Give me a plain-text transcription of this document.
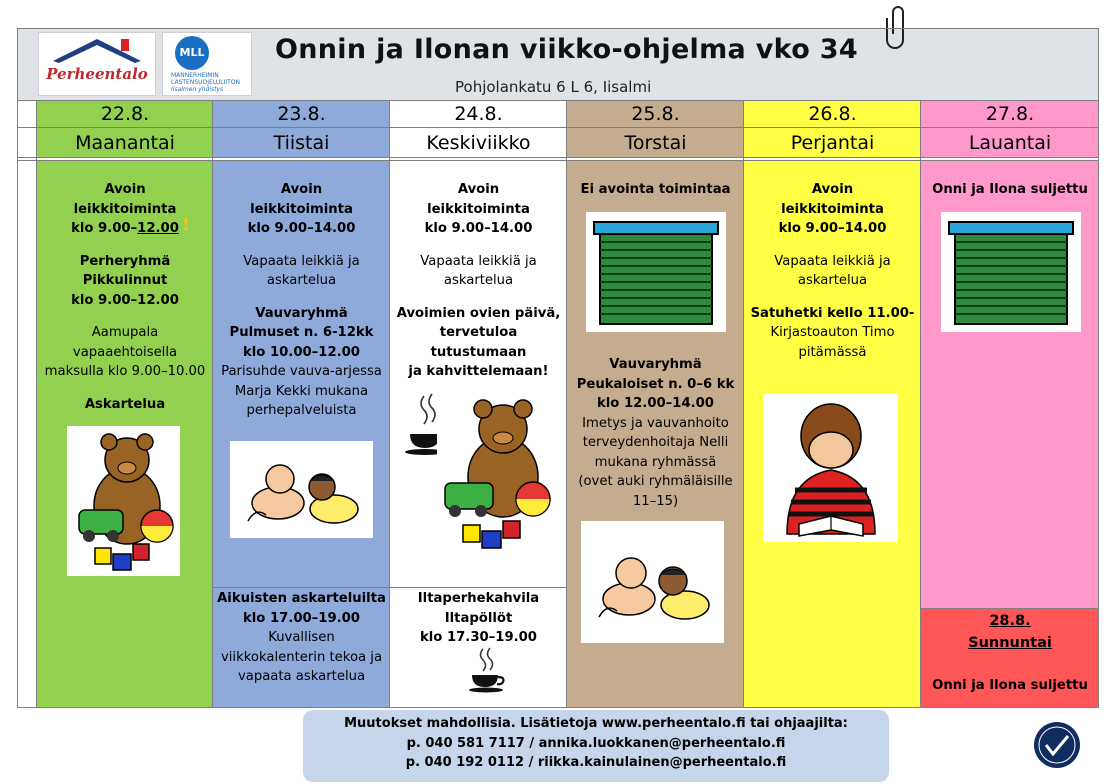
Perheentalo
MLL
MANNERHEIMIN
LASTENSUOJELULIITON
Iisalmen yhdistys
Onnin ja Ilonan viikko-ohjelma vko 34
Pohjolankatu 6 L 6, Iisalmi
22.8.
Maanantai
23.8.
Tiistai
24.8.
Keskiviikko
25.8.
Torstai
26.8.
Perjantai
27.8.
Lauantai
Avoin
leikkitoiminta
klo 9.00–12.00 !
Perheryhmä Pikkulinnut
klo 9.00–12.00
Aamupala
vapaaehtoisella
maksulla klo 9.00–10.00
Askartelua
Avoin
leikkitoiminta
klo 9.00–14.00
Vapaata leikkiä ja
askartelua
Vauvaryhmä
Pulmuset n. 6-12kk
klo 10.00–12.00
Parisuhde vauva-arjessa
Marja Kekki mukana
perhepalveluista
Aikuisten askarteluilta
klo 17.00–19.00
Kuvallisen
viikkokalenterin tekoa ja
vapaata askartelua
Avoin
leikkitoiminta
klo 9.00–14.00
Vapaata leikkiä ja
askartelua
Avoimien ovien päivä,
tervetuloa tutustumaan
ja kahvittelemaan!
Iltaperhekahvila
Iltapöllöt
klo 17.30–19.00
Ei avointa toimintaa
Vauvaryhmä
Peukaloiset n. 0–6 kk
klo 12.00–14.00
Imetys ja vauvanhoito
terveydenhoitaja Nelli
mukana ryhmässä
(ovet auki ryhmäläisille
11–15)
Avoin
leikkitoiminta
klo 9.00–14.00
Vapaata leikkiä ja
askartelua
Satuhetki kello 11.00-
Kirjastoauton Timo
pitämässä
Onni ja Ilona suljettu
28.8.
Sunnuntai
Onni ja Ilona suljettu
Muutokset mahdollisia. Lisätietoja www.perheentalo.fi tai ohjaajilta:
p. 040 581 7117 / annika.luokkanen@perheentalo.fi
p. 040 192 0112 / riikka.kainulainen@perheentalo.fi
